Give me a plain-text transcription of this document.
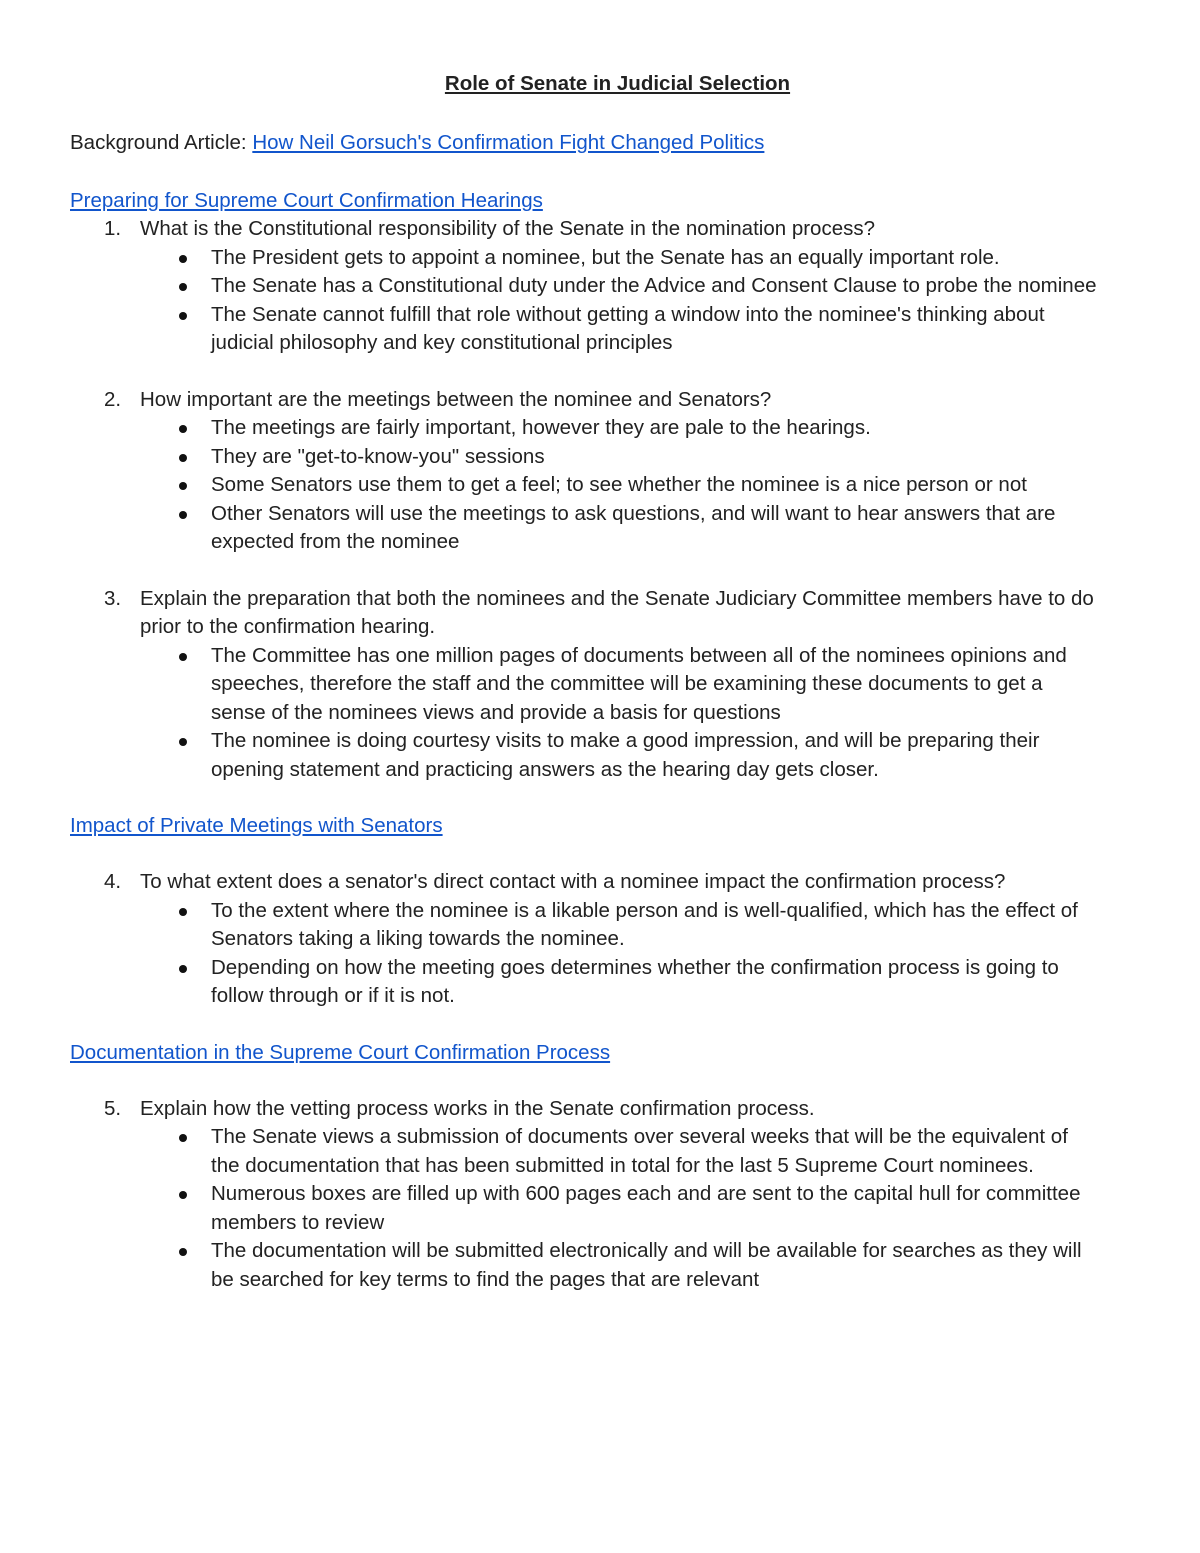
Role of Senate in Judicial Selection
Background Article: How Neil Gorsuch's Confirmation Fight Changed Politics
Preparing for Supreme Court Confirmation Hearings
1. What is the Constitutional responsibility of the Senate in the nomination process?
The President gets to appoint a nominee, but the Senate has an equally important role.
The Senate has a Constitutional duty under the Advice and Consent Clause to probe the nominee
The Senate cannot fulfill that role without getting a window into the nominee's thinking about judicial philosophy and key constitutional principles
2. How important are the meetings between the nominee and Senators?
The meetings are fairly important, however they are pale to the hearings.
They are "get-to-know-you" sessions
Some Senators use them to get a feel; to see whether the nominee is a nice person or not
Other Senators will use the meetings to ask questions, and will want to hear answers that are expected from the nominee
3. Explain the preparation that both the nominees and the Senate Judiciary Committee members have to do prior to the confirmation hearing.
The Committee has one million pages of documents between all of the nominees opinions and speeches, therefore the staff and the committee will be examining these documents to get a sense of the nominees views and provide a basis for questions
The nominee is doing courtesy visits to make a good impression, and will be preparing their opening statement and practicing answers as the hearing day gets closer.
Impact of Private Meetings with Senators
4. To what extent does a senator's direct contact with a nominee impact the confirmation process?
To the extent where the nominee is a likable person and is well-qualified, which has the effect of Senators taking a liking towards the nominee.
Depending on how the meeting goes determines whether the confirmation process is going to follow through or if it is not.
Documentation in the Supreme Court Confirmation Process
5. Explain how the vetting process works in the Senate confirmation process.
The Senate views a submission of documents over several weeks that will be the equivalent of the documentation that has been submitted in total for the last 5 Supreme Court nominees.
Numerous boxes are filled up with 600 pages each and are sent to the capital hull for committee members to review
The documentation will be submitted electronically and will be available for searches as they will be searched for key terms to find the pages that are relevant
